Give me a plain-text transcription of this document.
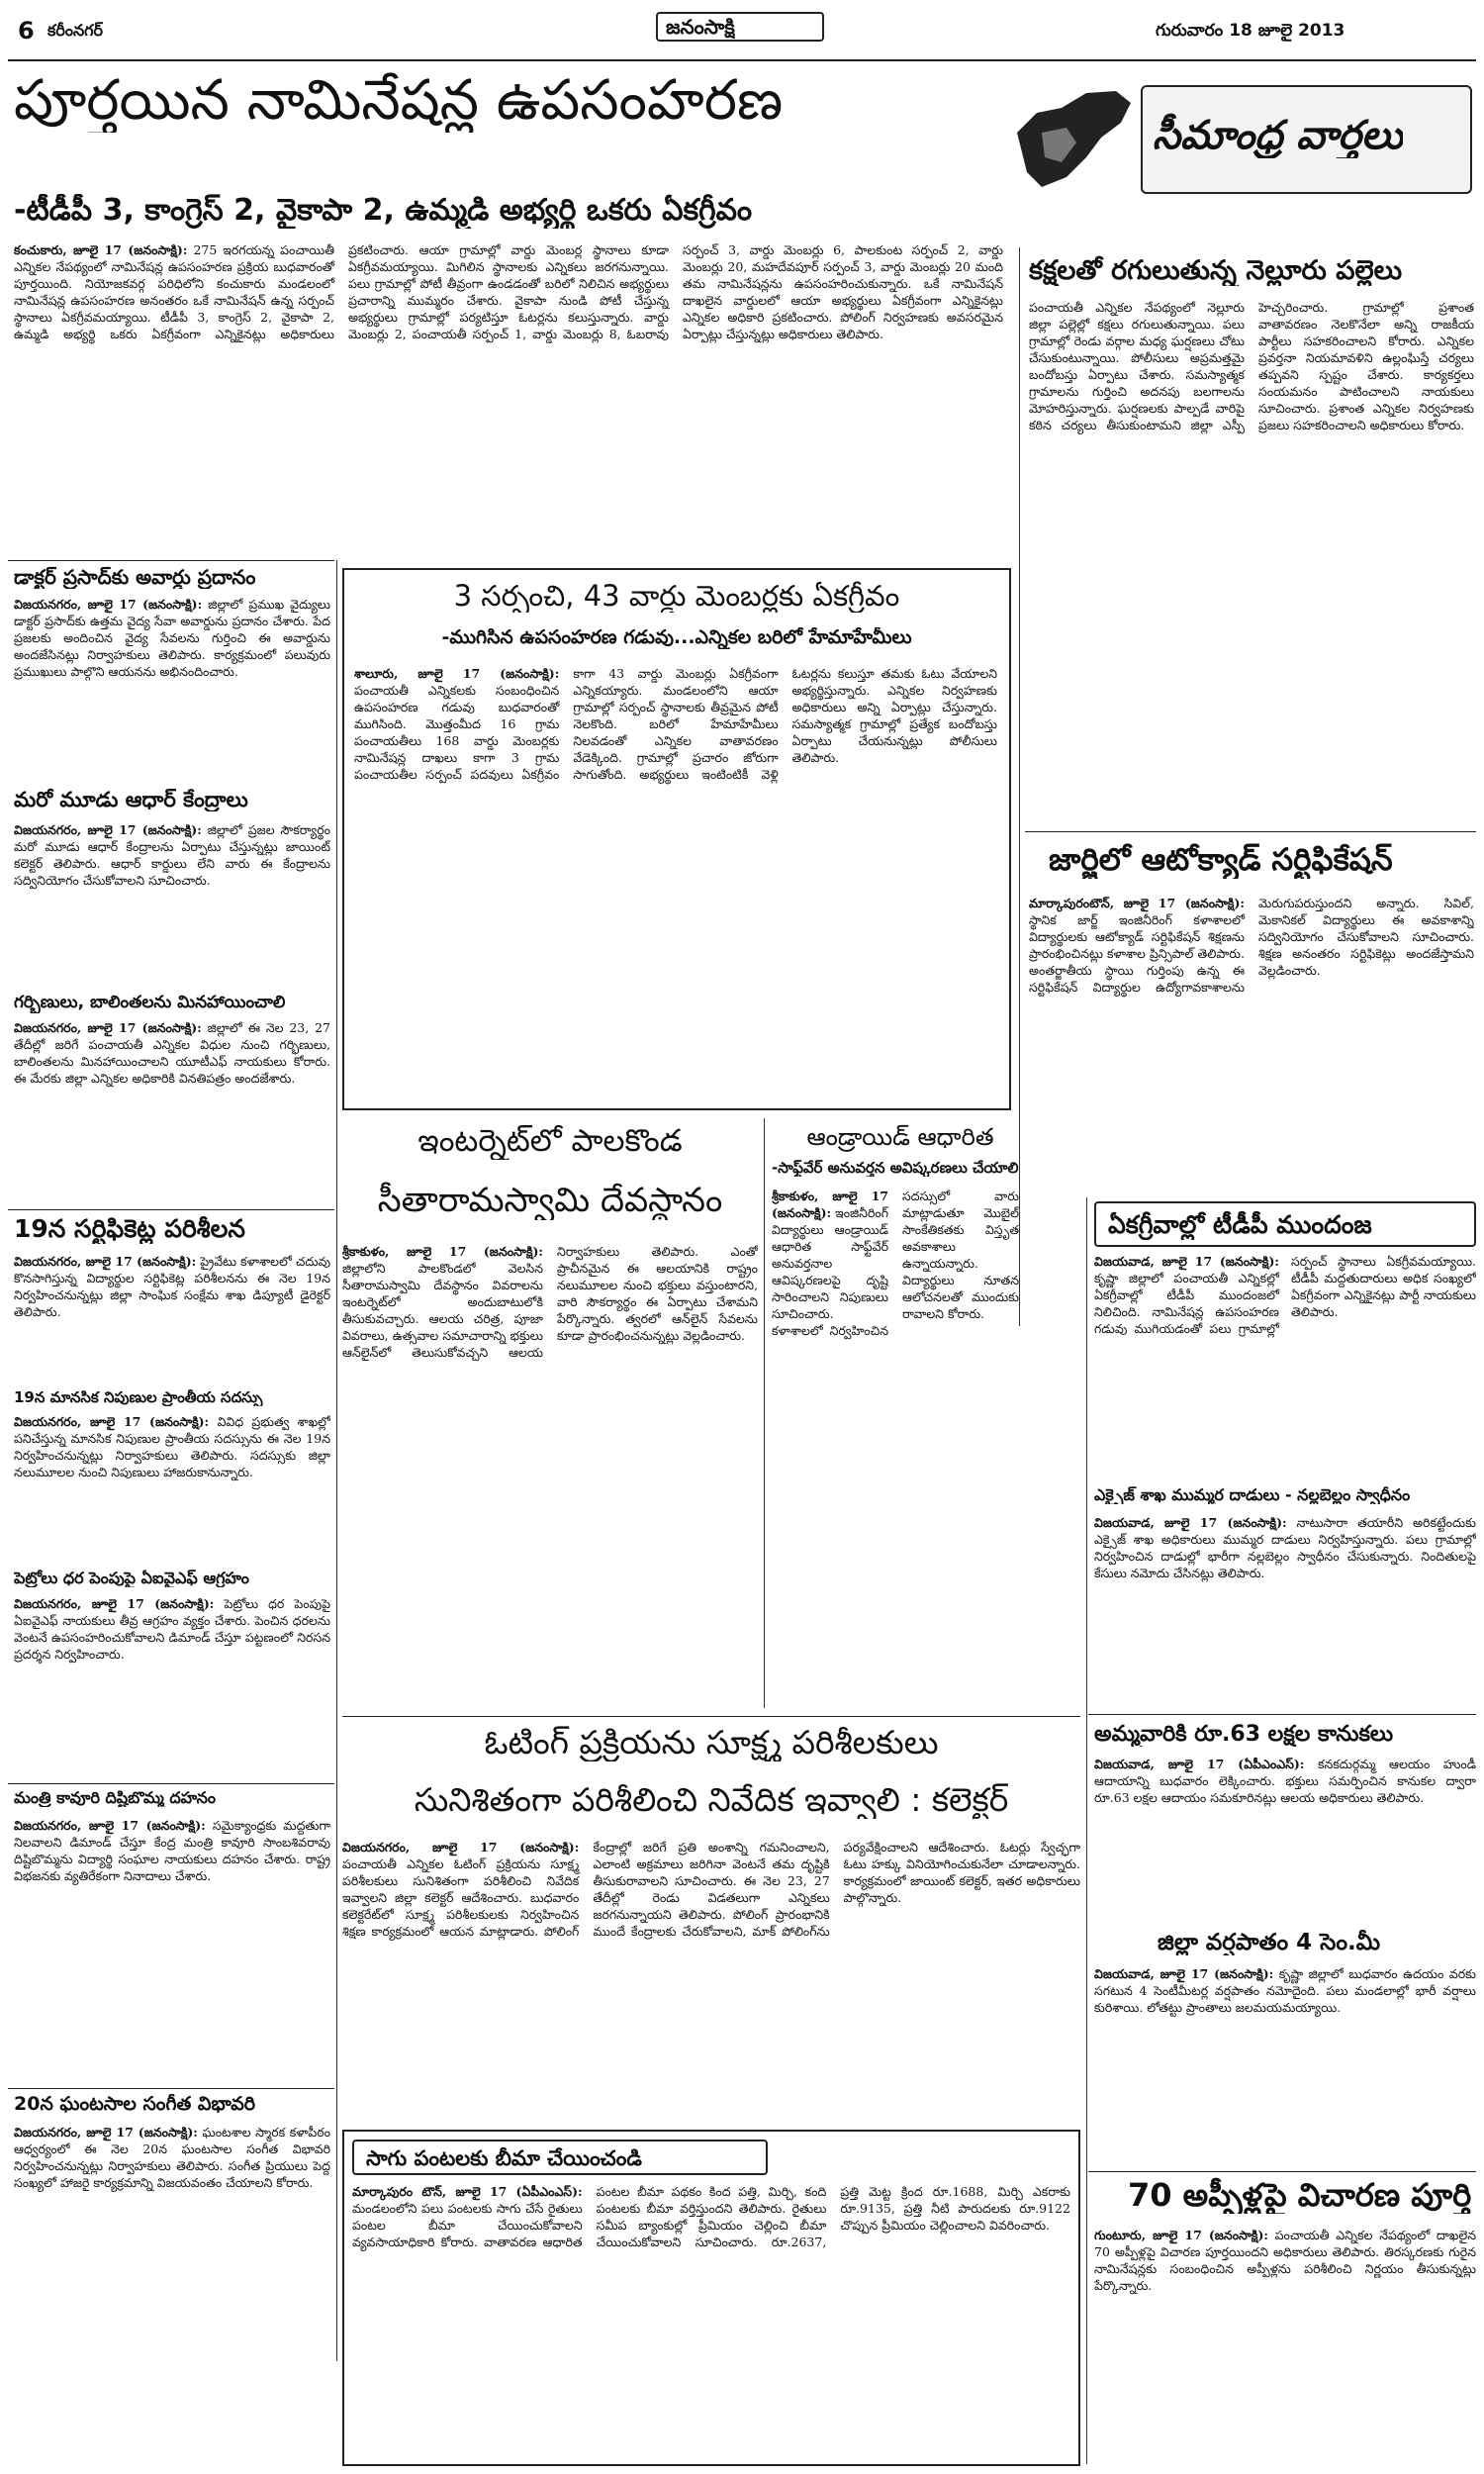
6 కరీంనగర్	జనంసాక్షి	గురువారం 18 జూలై 2013
పూర్తయిన నామినేషన్ల ఉపసంహరణ
-టీడీపీ 3, కాంగ్రెస్ 2, వైకాపా 2, ఉమ్మడి అభ్యర్థి ఒకరు ఏకగ్రీవం
కంచుకారు, జూలై 17 (జనంసాక్షి): 275 ఇరగయన్న పంచాయితీ ఎన్నికల నేపథ్యంలో నామినేషన్ల ఉపసంహరణ ప్రక్రియ బుధవారంతో పూర్తయింది. నియోజకవర్గ పరిధిలోని కంచుకారు మండలంలో నామినేషన్ల ఉపసంహరణ అనంతరం ఒకే నామినేషన్ ఉన్న సర్పంచ్ స్థానాలు ఏకగ్రీవమయ్యాయి. టీడీపీ 3, కాంగ్రెస్ 2, వైకాపా 2, ఉమ్మడి అభ్యర్థి ఒకరు ఏకగ్రీవంగా ఎన్నికైనట్లు అధికారులు ప్రకటించారు. ఆయా గ్రామాల్లో వార్డు మెంబర్ల స్థానాలు కూడా ఏకగ్రీవమయ్యాయి. మిగిలిన స్థానాలకు ఎన్నికలు జరగనున్నాయి. పలు గ్రామాల్లో పోటీ తీవ్రంగా ఉండడంతో బరిలో నిలిచిన అభ్యర్థులు ప్రచారాన్ని ముమ్మరం చేశారు. వైకాపా నుండి పోటీ చేస్తున్న అభ్యర్థులు గ్రామాల్లో పర్యటిస్తూ ఓటర్లను కలుస్తున్నారు. వార్డు మెంబర్లు 2, పంచాయతీ సర్పంచ్ 1, వార్డు మెంబర్లు 8, ఓబరావు సర్పంచ్ 3, వార్డు మెంబర్లు 6, పాలకుంట సర్పంచ్ 2, వార్డు మెంబర్లు 20, మహదేవపూర్ సర్పంచ్ 3, వార్డు మెంబర్లు 20 మంది తమ నామినేషన్లను ఉపసంహరించుకున్నారు. ఒకే నామినేషన్ దాఖలైన వార్డులలో ఆయా అభ్యర్థులు ఏకగ్రీవంగా ఎన్నికైనట్లు ఎన్నికల అధికారి ప్రకటించారు. పోలింగ్ నిర్వహణకు అవసరమైన ఏర్పాట్లు చేస్తున్నట్లు అధికారులు తెలిపారు.
సీమాంధ్ర వార్తలు
కక్షలతో రగులుతున్న నెల్లూరు పల్లెలు
పంచాయతీ ఎన్నికల నేపథ్యంలో నెల్లూరు జిల్లా పల్లెల్లో కక్షలు రగులుతున్నాయి. పలు గ్రామాల్లో రెండు వర్గాల మధ్య ఘర్షణలు చోటు చేసుకుంటున్నాయి. పోలీసులు అప్రమత్తమై బందోబస్తు ఏర్పాటు చేశారు. సమస్యాత్మక గ్రామాలను గుర్తించి అదనపు బలగాలను మోహరిస్తున్నారు. ఘర్షణలకు పాల్పడే వారిపై కఠిన చర్యలు తీసుకుంటామని జిల్లా ఎస్పీ హెచ్చరించారు. గ్రామాల్లో ప్రశాంత వాతావరణం నెలకొనేలా అన్ని రాజకీయ పార్టీలు సహకరించాలని కోరారు. ఎన్నికల ప్రవర్తనా నియమావళిని ఉల్లంఘిస్తే చర్యలు తప్పవని స్పష్టం చేశారు. కార్యకర్తలు సంయమనం పాటించాలని నాయకులు సూచించారు. ప్రశాంత ఎన్నికల నిర్వహణకు ప్రజలు సహకరించాలని అధికారులు కోరారు.
జార్జిలో ఆటోక్యాడ్ సర్టిఫికేషన్
మార్కాపురంటౌన్, జూలై 17 (జనంసాక్షి): స్థానిక జార్జ్ ఇంజినీరింగ్ కళాశాలలో విద్యార్థులకు ఆటోక్యాడ్ సర్టిఫికేషన్ శిక్షణను ప్రారంభించినట్లు కళాశాల ప్రిన్సిపాల్ తెలిపారు. అంతర్జాతీయ స్థాయి గుర్తింపు ఉన్న ఈ సర్టిఫికేషన్ విద్యార్థుల ఉద్యోగావకాశాలను మెరుగుపరుస్తుందని అన్నారు. సివిల్, మెకానికల్ విద్యార్థులు ఈ అవకాశాన్ని సద్వినియోగం చేసుకోవాలని సూచించారు. శిక్షణ అనంతరం సర్టిఫికెట్లు అందజేస్తామని వెల్లడించారు.
డాక్టర్ ప్రసాద్‌కు అవార్డు ప్రదానం
విజయనగరం, జూలై 17 (జనంసాక్షి): జిల్లాలో ప్రముఖ వైద్యులు డాక్టర్ ప్రసాద్‌కు ఉత్తమ వైద్య సేవా అవార్డును ప్రదానం చేశారు. పేద ప్రజలకు అందించిన వైద్య సేవలను గుర్తించి ఈ అవార్డును అందజేసినట్లు నిర్వాహకులు తెలిపారు. కార్యక్రమంలో పలువురు ప్రముఖులు పాల్గొని ఆయనను అభినందించారు.
మరో మూడు ఆధార్ కేంద్రాలు
విజయనగరం, జూలై 17 (జనంసాక్షి): జిల్లాలో ప్రజల సౌకర్యార్థం మరో మూడు ఆధార్ కేంద్రాలను ఏర్పాటు చేస్తున్నట్లు జాయింట్ కలెక్టర్ తెలిపారు. ఆధార్ కార్డులు లేని వారు ఈ కేంద్రాలను సద్వినియోగం చేసుకోవాలని సూచించారు.
గర్భిణులు, బాలింతలను మినహాయించాలి
విజయనగరం, జూలై 17 (జనంసాక్షి): జిల్లాలో ఈ నెల 23, 27 తేదీల్లో జరిగే పంచాయతీ ఎన్నికల విధుల నుంచి గర్భిణులు, బాలింతలను మినహాయించాలని యూటీఎఫ్ నాయకులు కోరారు. ఈ మేరకు జిల్లా ఎన్నికల అధికారికి వినతిపత్రం అందజేశారు.
19న సర్టిఫికెట్ల పరిశీలన
విజయనగరం, జూలై 17 (జనంసాక్షి): ప్రైవేటు కళాశాలలో చదువు కొనసాగిస్తున్న విద్యార్థుల సర్టిఫికెట్ల పరిశీలనను ఈ నెల 19న నిర్వహించనున్నట్లు జిల్లా సాంఘిక సంక్షేమ శాఖ డిప్యూటీ డైరెక్టర్ తెలిపారు.
19న మానసిక నిపుణుల ప్రాంతీయ సదస్సు
విజయనగరం, జూలై 17 (జనంసాక్షి): వివిధ ప్రభుత్వ శాఖల్లో పనిచేస్తున్న మానసిక నిపుణుల ప్రాంతీయ సదస్సును ఈ నెల 19న నిర్వహించనున్నట్లు నిర్వాహకులు తెలిపారు. సదస్సుకు జిల్లా నలుమూలల నుంచి నిపుణులు హాజరుకానున్నారు.
పెట్రోలు ధర పెంపుపై ఏఐవైఎఫ్ ఆగ్రహం
విజయనగరం, జూలై 17 (జనంసాక్షి): పెట్రోలు ధర పెంపుపై ఏఐవైఎఫ్ నాయకులు తీవ్ర ఆగ్రహం వ్యక్తం చేశారు. పెంచిన ధరలను వెంటనే ఉపసంహరించుకోవాలని డిమాండ్ చేస్తూ పట్టణంలో నిరసన ప్రదర్శన నిర్వహించారు.
మంత్రి కావూరి దిష్టిబొమ్మ దహనం
విజయనగరం, జూలై 17 (జనంసాక్షి): సమైక్యాంధ్రకు మద్దతుగా నిలవాలని డిమాండ్ చేస్తూ కేంద్ర మంత్రి కావూరి సాంబశివరావు దిష్టిబొమ్మను విద్యార్థి సంఘాల నాయకులు దహనం చేశారు. రాష్ట్ర విభజనకు వ్యతిరేకంగా నినాదాలు చేశారు.
20న ఘంటసాల సంగీత విభావరి
విజయనగరం, జూలై 17 (జనంసాక్షి): ఘంటశాల స్మారక కళాపీఠం ఆధ్వర్యంలో ఈ నెల 20న ఘంటసాల సంగీత విభావరి నిర్వహించనున్నట్లు నిర్వాహకులు తెలిపారు. సంగీత ప్రియులు పెద్ద సంఖ్యలో హాజరై కార్యక్రమాన్ని విజయవంతం చేయాలని కోరారు.
3 సర్పంచి, 43 వార్డు మెంబర్లకు ఏకగ్రీవం
-ముగిసిన ఉపసంహరణ గడువు...ఎన్నికల బరిలో హేమాహేమీలు
శాలూరు, జూలై 17 (జనంసాక్షి): పంచాయతీ ఎన్నికలకు సంబంధించిన ఉపసంహరణ గడువు బుధవారంతో ముగిసింది. మొత్తంమీద 16 గ్రామ పంచాయతీలు 168 వార్డు మెంబర్లకు నామినేషన్ల దాఖలు కాగా 3 గ్రామ పంచాయతీల సర్పంచ్ పదవులు ఏకగ్రీవం కాగా 43 వార్డు మెంబర్లు ఏకగ్రీవంగా ఎన్నికయ్యారు. మండలంలోని ఆయా గ్రామాల్లో సర్పంచ్ స్థానాలకు తీవ్రమైన పోటీ నెలకొంది. బరిలో హేమాహేమీలు నిలవడంతో ఎన్నికల వాతావరణం వేడెక్కింది. గ్రామాల్లో ప్రచారం జోరుగా సాగుతోంది. అభ్యర్థులు ఇంటింటికీ వెళ్లి ఓటర్లను కలుస్తూ తమకు ఓటు వేయాలని అభ్యర్థిస్తున్నారు. ఎన్నికల నిర్వహణకు అధికారులు అన్ని ఏర్పాట్లు చేస్తున్నారు. సమస్యాత్మక గ్రామాల్లో ప్రత్యేక బందోబస్తు ఏర్పాటు చేయనున్నట్లు పోలీసులు తెలిపారు.
ఇంటర్నెట్‌లో పాలకొండ
సీతారామస్వామి దేవస్థానం
శ్రీకాకుళం, జూలై 17 (జనంసాక్షి): జిల్లాలోని పాలకొండలో వెలసిన సీతారామస్వామి దేవస్థానం వివరాలను ఇంటర్నెట్‌లో అందుబాటులోకి తీసుకువచ్చారు. ఆలయ చరిత్ర, పూజా వివరాలు, ఉత్సవాల సమాచారాన్ని భక్తులు ఆన్‌లైన్‌లో తెలుసుకోవచ్చని ఆలయ నిర్వాహకులు తెలిపారు. ఎంతో ప్రాచీనమైన ఈ ఆలయానికి రాష్ట్రం నలుమూలల నుంచి భక్తులు వస్తుంటారని, వారి సౌకర్యార్థం ఈ ఏర్పాటు చేశామని పేర్కొన్నారు. త్వరలో ఆన్‌లైన్ సేవలను కూడా ప్రారంభించనున్నట్లు వెల్లడించారు.
ఆండ్రాయిడ్ ఆధారిత
-సాఫ్ట్‌వేర్ అనువర్తన అవిష్కరణలు చేయాలి
శ్రీకాకుళం, జూలై 17 (జనంసాక్షి): ఇంజినీరింగ్ విద్యార్థులు ఆండ్రాయిడ్ ఆధారిత సాఫ్ట్‌వేర్ అనువర్తనాల ఆవిష్కరణలపై దృష్టి సారించాలని నిపుణులు సూచించారు. కళాశాలలో నిర్వహించిన సదస్సులో వారు మాట్లాడుతూ మొబైల్ సాంకేతికతకు విస్తృత అవకాశాలు ఉన్నాయన్నారు. విద్యార్థులు నూతన ఆలోచనలతో ముందుకు రావాలని కోరారు.
ఏకగ్రీవాల్లో టీడీపీ ముందంజ
విజయవాడ, జూలై 17 (జనంసాక్షి): కృష్ణా జిల్లాలో పంచాయతీ ఎన్నికల్లో ఏకగ్రీవాల్లో టీడీపీ ముందంజలో నిలిచింది. నామినేషన్ల ఉపసంహరణ గడువు ముగియడంతో పలు గ్రామాల్లో సర్పంచ్ స్థానాలు ఏకగ్రీవమయ్యాయి. టీడీపీ మద్దతుదారులు అధిక సంఖ్యలో ఏకగ్రీవంగా ఎన్నికైనట్లు పార్టీ నాయకులు తెలిపారు.
ఎక్సైజ్ శాఖ ముమ్మర దాడులు - నల్లబెల్లం స్వాధీనం
విజయవాడ, జూలై 17 (జనంసాక్షి): నాటుసారా తయారీని అరికట్టేందుకు ఎక్సైజ్ శాఖ అధికారులు ముమ్మర దాడులు నిర్వహిస్తున్నారు. పలు గ్రామాల్లో నిర్వహించిన దాడుల్లో భారీగా నల్లబెల్లం స్వాధీనం చేసుకున్నారు. నిందితులపై కేసులు నమోదు చేసినట్లు తెలిపారు.
అమ్మవారికి రూ.63 లక్షల కానుకలు
విజయవాడ, జూలై 17 (ఏపీఎంఎస్): కనకదుర్గమ్మ ఆలయం హుండీ ఆదాయాన్ని బుధవారం లెక్కించారు. భక్తులు సమర్పించిన కానుకల ద్వారా రూ.63 లక్షల ఆదాయం సమకూరినట్లు ఆలయ అధికారులు తెలిపారు.
జిల్లా వర్షపాతం 4 సెం.మీ
విజయవాడ, జూలై 17 (జనంసాక్షి): కృష్ణా జిల్లాలో బుధవారం ఉదయం వరకు సగటున 4 సెంటీమీటర్ల వర్షపాతం నమోదైంది. పలు మండలాల్లో భారీ వర్షాలు కురిశాయి. లోతట్టు ప్రాంతాలు జలమయమయ్యాయి.
70 అప్పీళ్లపై విచారణ పూర్తి
గుంటూరు, జూలై 17 (జనంసాక్షి): పంచాయతీ ఎన్నికల నేపథ్యంలో దాఖలైన 70 అప్పీళ్లపై విచారణ పూర్తయిందని అధికారులు తెలిపారు. తిరస్కరణకు గురైన నామినేషన్లకు సంబంధించిన అప్పీళ్లను పరిశీలించి నిర్ణయం తీసుకున్నట్లు పేర్కొన్నారు.
ఓటింగ్ ప్రక్రియను సూక్ష్మ పరిశీలకులు
సునిశితంగా పరిశీలించి నివేదిక ఇవ్వాలి : కలెక్టర్
విజయనగరం, జూలై 17 (జనంసాక్షి): పంచాయతీ ఎన్నికల ఓటింగ్ ప్రక్రియను సూక్ష్మ పరిశీలకులు సునిశితంగా పరిశీలించి నివేదిక ఇవ్వాలని జిల్లా కలెక్టర్ ఆదేశించారు. బుధవారం కలెక్టరేట్‌లో సూక్ష్మ పరిశీలకులకు నిర్వహించిన శిక్షణ కార్యక్రమంలో ఆయన మాట్లాడారు. పోలింగ్ కేంద్రాల్లో జరిగే ప్రతి అంశాన్ని గమనించాలని, ఎలాంటి అక్రమాలు జరిగినా వెంటనే తమ దృష్టికి తీసుకురావాలని సూచించారు. ఈ నెల 23, 27 తేదీల్లో రెండు విడతలుగా ఎన్నికలు జరగనున్నాయని తెలిపారు. పోలింగ్ ప్రారంభానికి ముందే కేంద్రాలకు చేరుకోవాలని, మాక్ పోలింగ్‌ను పర్యవేక్షించాలని ఆదేశించారు. ఓటర్లు స్వేచ్ఛగా ఓటు హక్కు వినియోగించుకునేలా చూడాలన్నారు. కార్యక్రమంలో జాయింట్ కలెక్టర్, ఇతర అధికారులు పాల్గొన్నారు.
సాగు పంటలకు బీమా చేయించండి
మార్కాపురం టౌన్, జూలై 17 (ఏపీఎంఎస్): మండలంలోని పలు పంటలకు సాగు చేసే రైతులు పంటల బీమా చేయించుకోవాలని వ్యవసాయాధికారి కోరారు. వాతావరణ ఆధారిత పంటల బీమా పథకం కింద పత్తి, మిర్చి, కంది పంటలకు బీమా వర్తిస్తుందని తెలిపారు. రైతులు సమీప బ్యాంకుల్లో ప్రీమియం చెల్లించి బీమా చేయించుకోవాలని సూచించారు. రూ.2637, ప్రత్తి మెట్ట క్రింద రూ.1688, మిర్చి ఎకరాకు రూ.9135, ప్రత్తి నీటి పారుదలకు రూ.9122 చొప్పున ప్రీమియం చెల్లించాలని వివరించారు.
